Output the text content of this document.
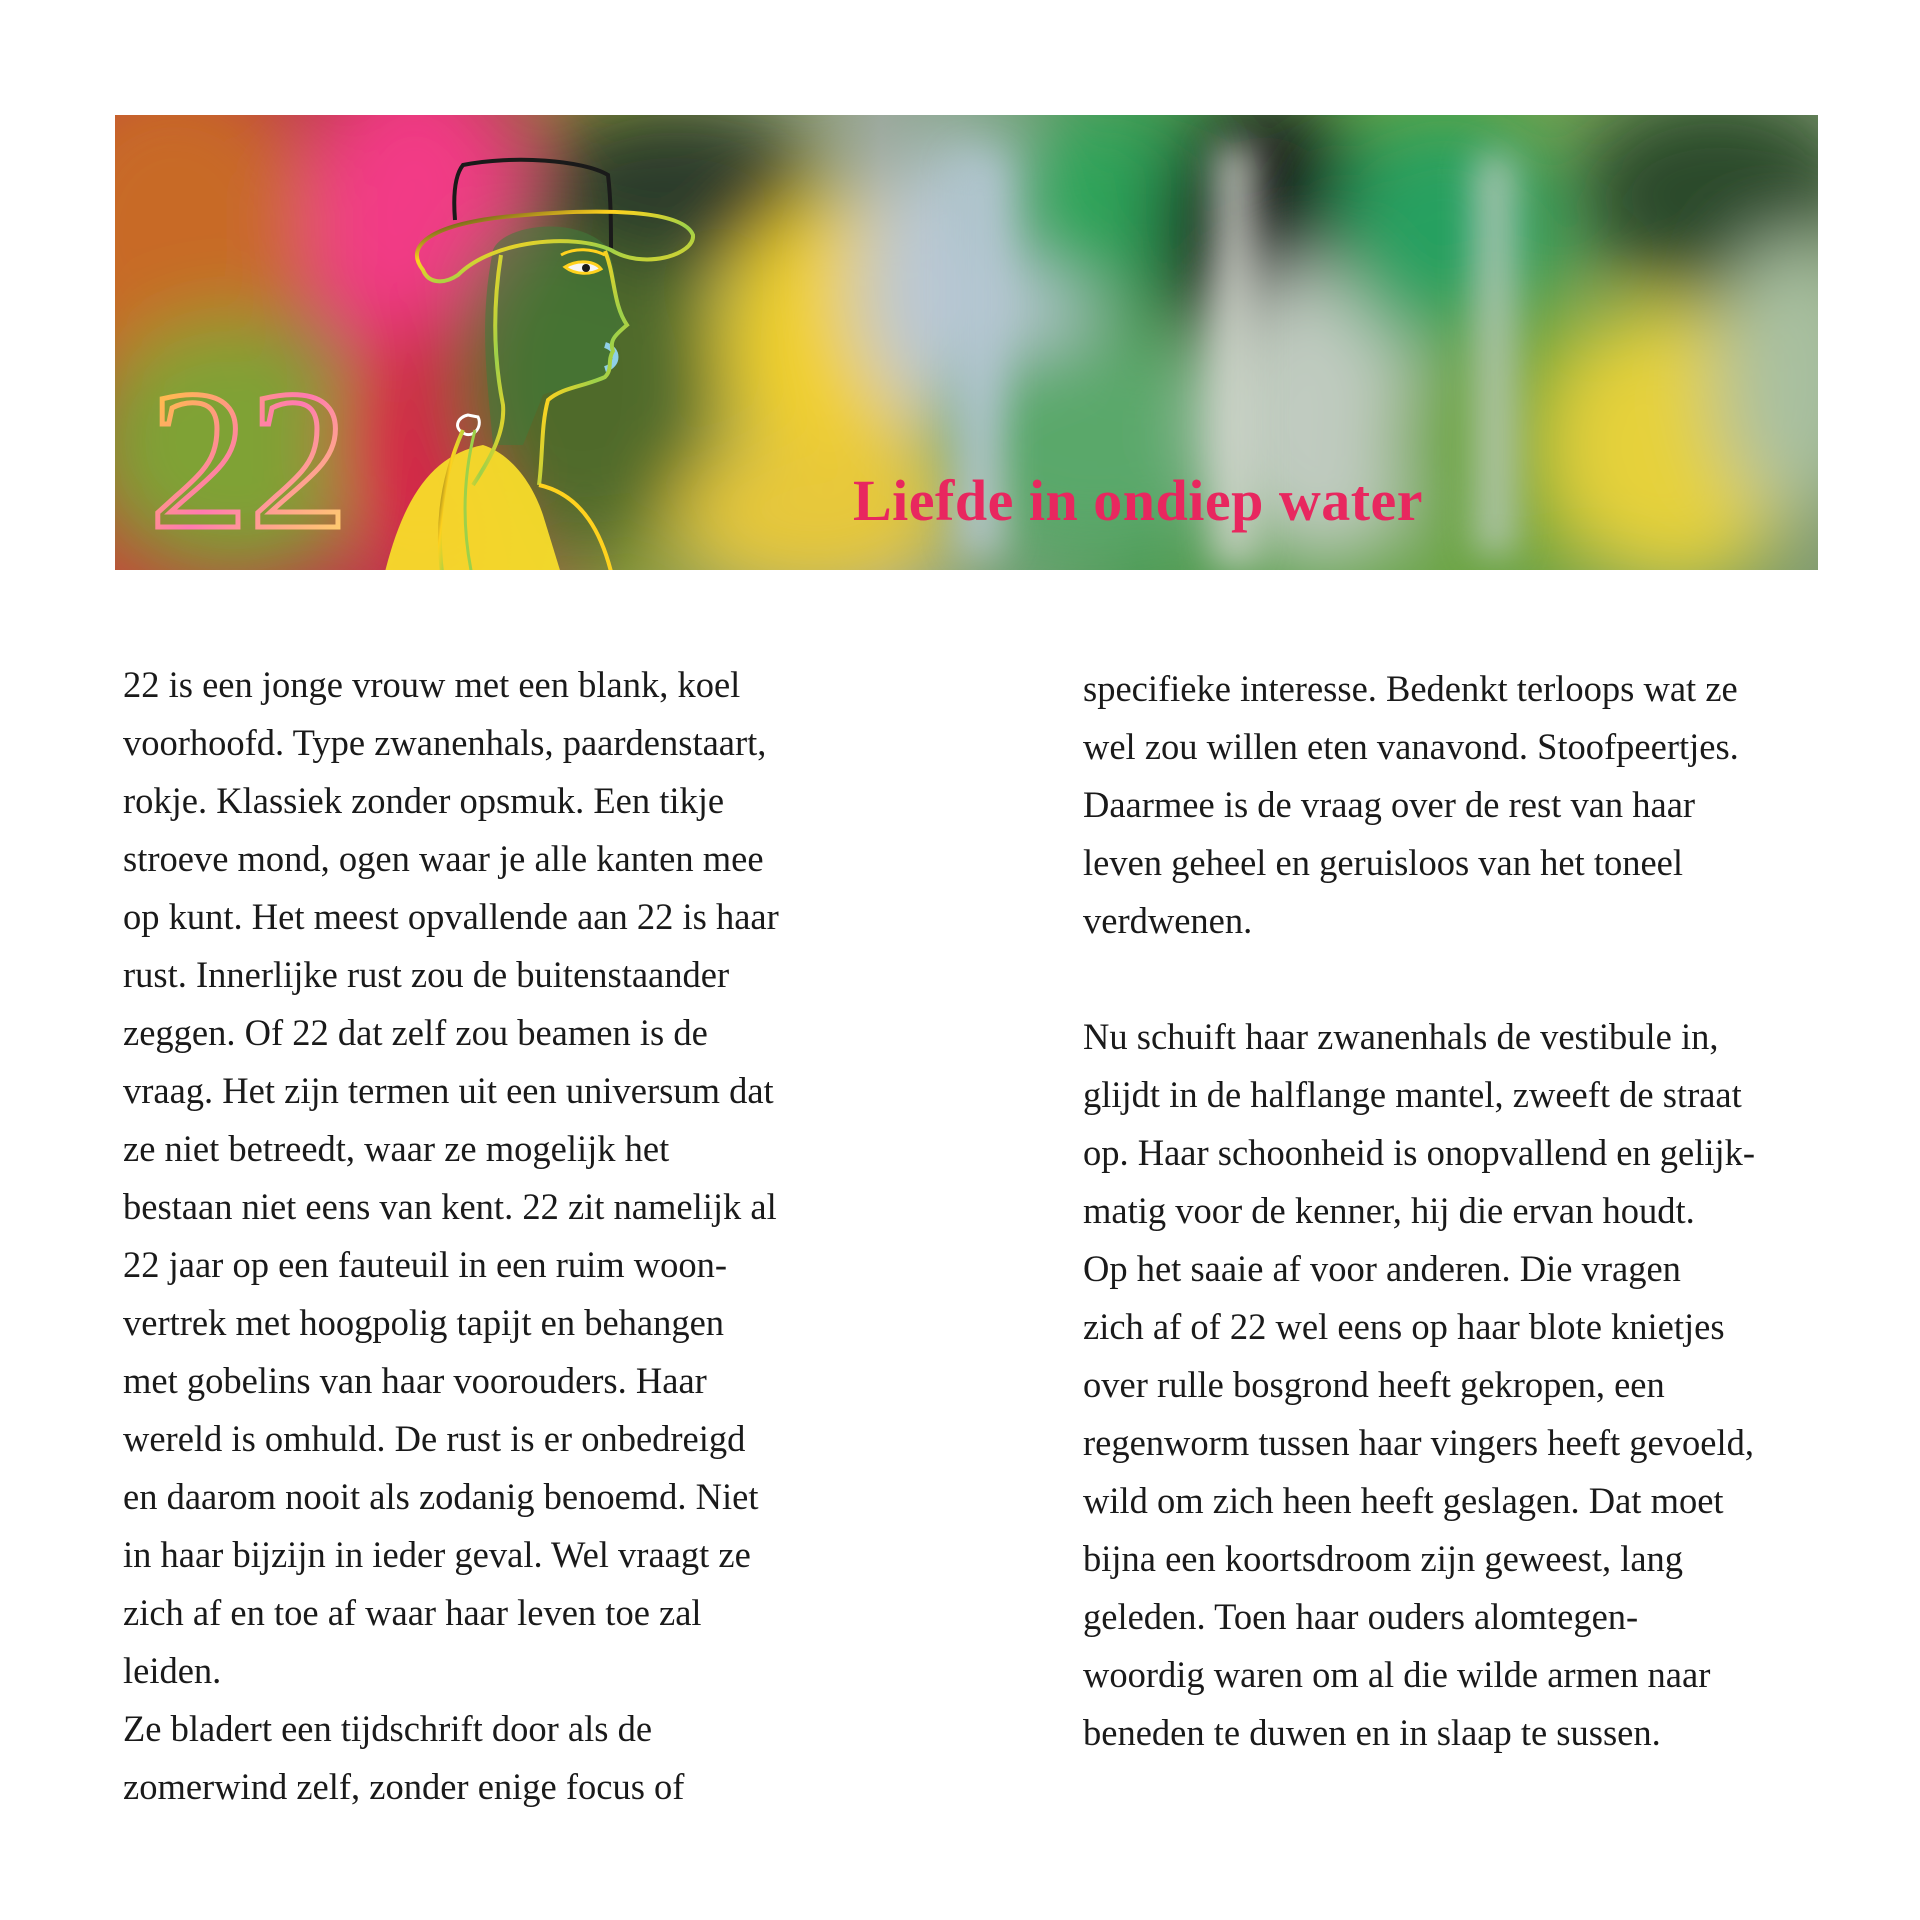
22	Liefde in ondiep water

22 is een jonge vrouw met een blank, koel
voorhoofd. Type zwanenhals, paardenstaart,
rokje. Klassiek zonder opsmuk. Een tikje
stroeve mond, ogen waar je alle kanten mee
op kunt. Het meest opvallende aan 22 is haar
rust. Innerlijke rust zou de buitenstaander
zeggen. Of 22 dat zelf zou beamen is de
vraag. Het zijn termen uit een universum dat
ze niet betreedt, waar ze mogelijk het
bestaan niet eens van kent. 22 zit namelijk al
22 jaar op een fauteuil in een ruim woon-
vertrek met hoogpolig tapijt en behangen
met gobelins van haar voorouders. Haar
wereld is omhuld. De rust is er onbedreigd
en daarom nooit als zodanig benoemd. Niet
in haar bijzijn in ieder geval. Wel vraagt ze
zich af en toe af waar haar leven toe zal
leiden.

Ze bladert een tijdschrift door als de
zomerwind zelf, zonder enige focus of

specifieke interesse. Bedenkt terloops wat ze
wel zou willen eten vanavond. Stoofpeertjes.
Daarmee is de vraag over de rest van haar
leven geheel en geruisloos van het toneel
verdwenen.

Nu schuift haar zwanenhals de vestibule in,
glijdt in de halflange mantel, zweeft de straat
op. Haar schoonheid is onopvallend en gelijk-
matig voor de kenner, hij die ervan houdt.
Op het saaie af voor anderen. Die vragen
zich af of 22 wel eens op haar blote knietjes
over rulle bosgrond heeft gekropen, een
regenworm tussen haar vingers heeft gevoeld,
wild om zich heen heeft geslagen. Dat moet
bijna een koortsdroom zijn geweest, lang
geleden. Toen haar ouders alomtegen-
woordig waren om al die wilde armen naar
beneden te duwen en in slaap te sussen.
